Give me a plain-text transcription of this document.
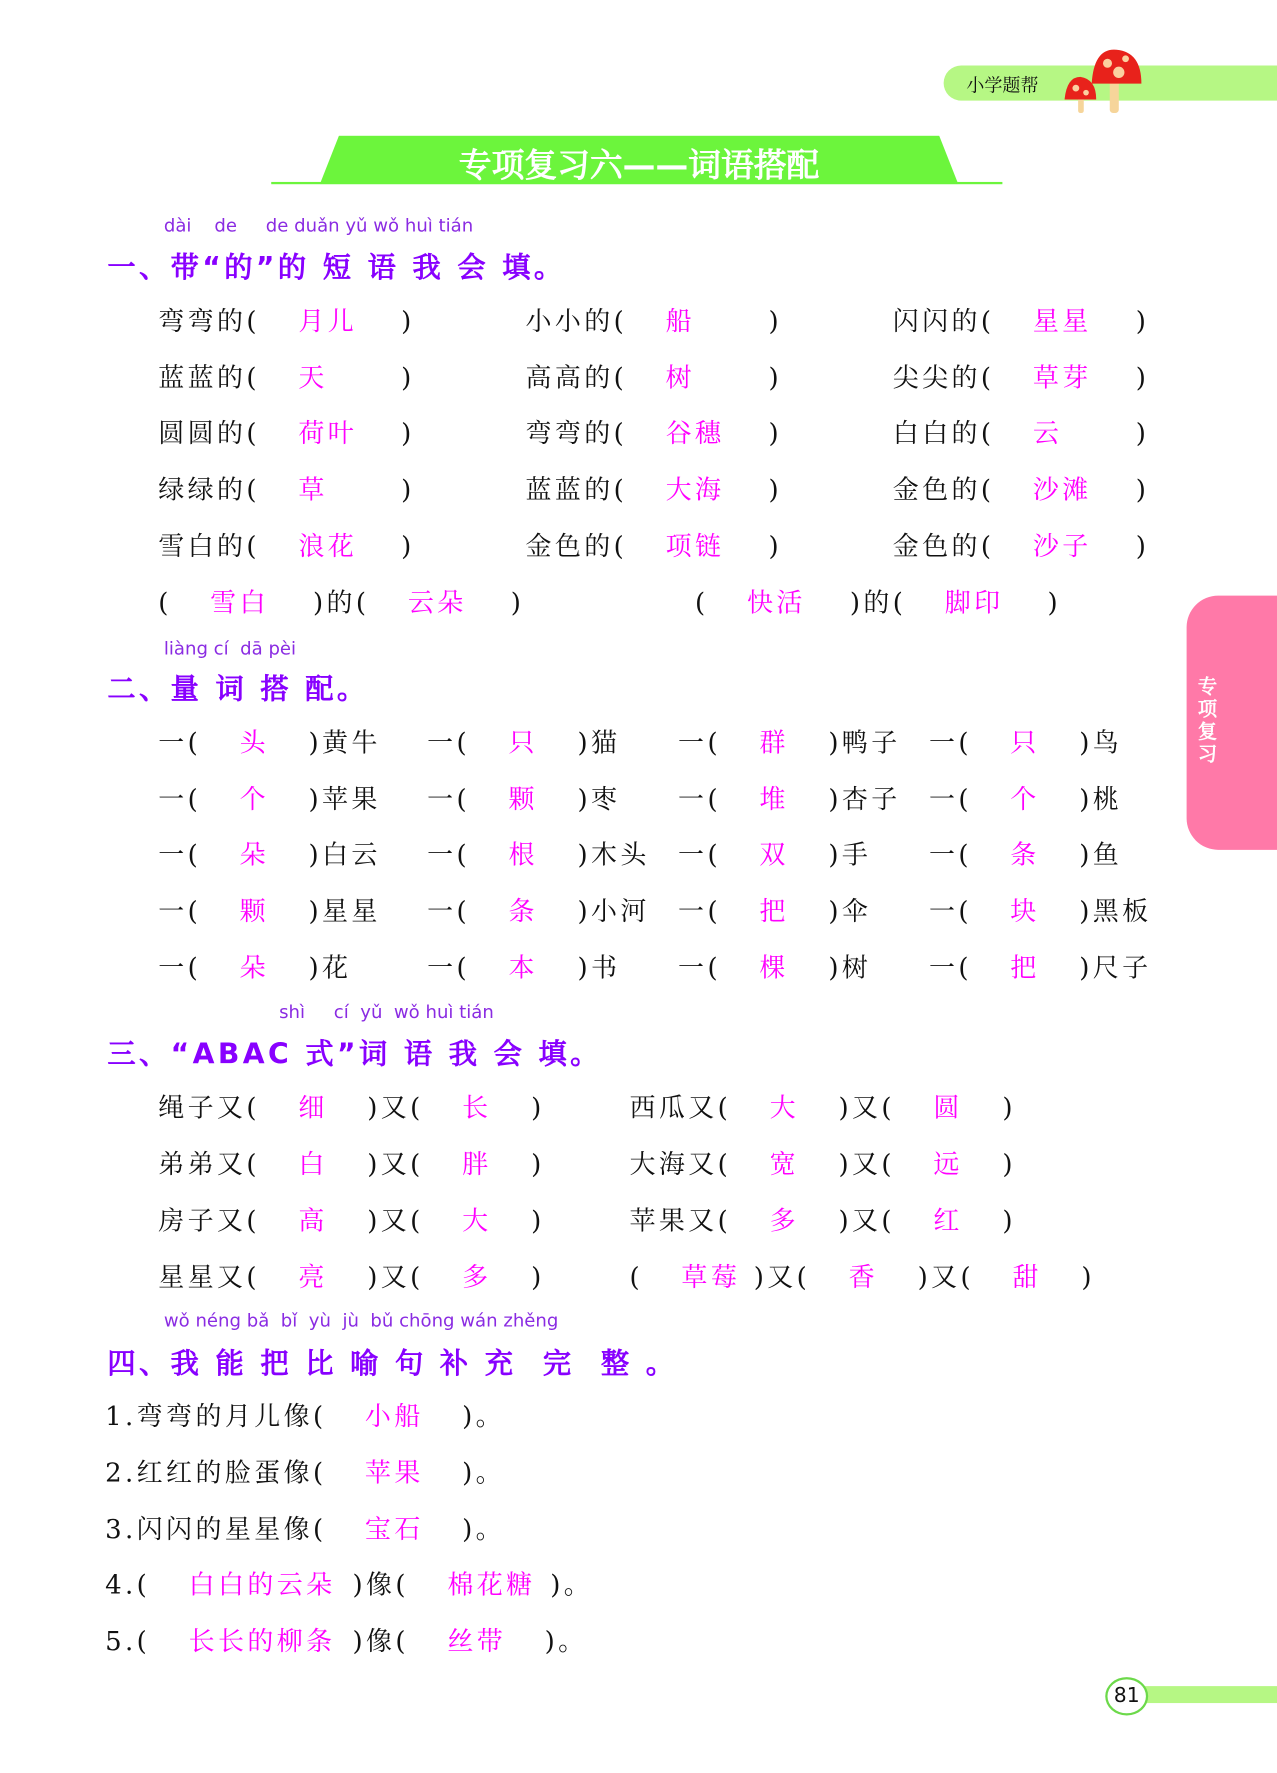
小学题帮
专项复习六——词语搭配
专项复习
81
dài    de     de duǎn yǔ wǒ huì tián
一、带“的”的 短 语 我 会 填。
弯弯的( 月儿 )	小小的( 船	)	闪闪的( 星星 )
蓝蓝的( 天	)	高高的( 树	)	尖尖的( 草芽 )
圆圆的( 荷叶 )	弯弯的( 谷穗 )	白白的( 云	)
绿绿的( 草	)	蓝蓝的( 大海 )	金色的( 沙滩 )
雪白的( 浪花 )	金色的( 项链 )	金色的( 沙子 )
( 雪白 )的( 云朵 )	( 快活 )的( 脚印 )
liàng cí  dā pèi
二、量 词 搭 配。
一( 头 )黄牛 一( 只 )猫	一( 群 )鸭子 一( 只 )鸟
一( 个 )苹果 一( 颗 )枣	一( 堆 )杏子 一( 个 )桃
一( 朵 )白云 一( 根 )木头 一( 双 )手	一( 条 )鱼
一( 颗 )星星 一( 条 )小河 一( 把 )伞	一( 块 )黑板
一( 朵 )花	一( 本 )书	一( 棵 )树	一( 把 )尺子
shì     cí  yǔ  wǒ huì tián
三、“ABAC 式”词 语 我 会 填。
绳子又( 细 )又( 长 )	西瓜又( 大 )又( 圆 )
弟弟又( 白 )又( 胖 )	大海又( 宽 )又( 远 )
房子又( 高 )又( 大 )	苹果又( 多 )又( 红 )
星星又( 亮 )又( 多 )	( 草莓 )又( 香 )又( 甜 )
wǒ néng bǎ  bǐ  yù  jù  bǔ chōng wán zhěng
四、我 能 把 比 喻 句 补 充  完  整 。
1.弯弯的月儿像( 小船 )。
2.红红的脸蛋像( 苹果 )。
3.闪闪的星星像( 宝石 )。
4.( 白白的云朵 )像( 棉花糖 )。
5.( 长长的柳条 )像( 丝带 )。
